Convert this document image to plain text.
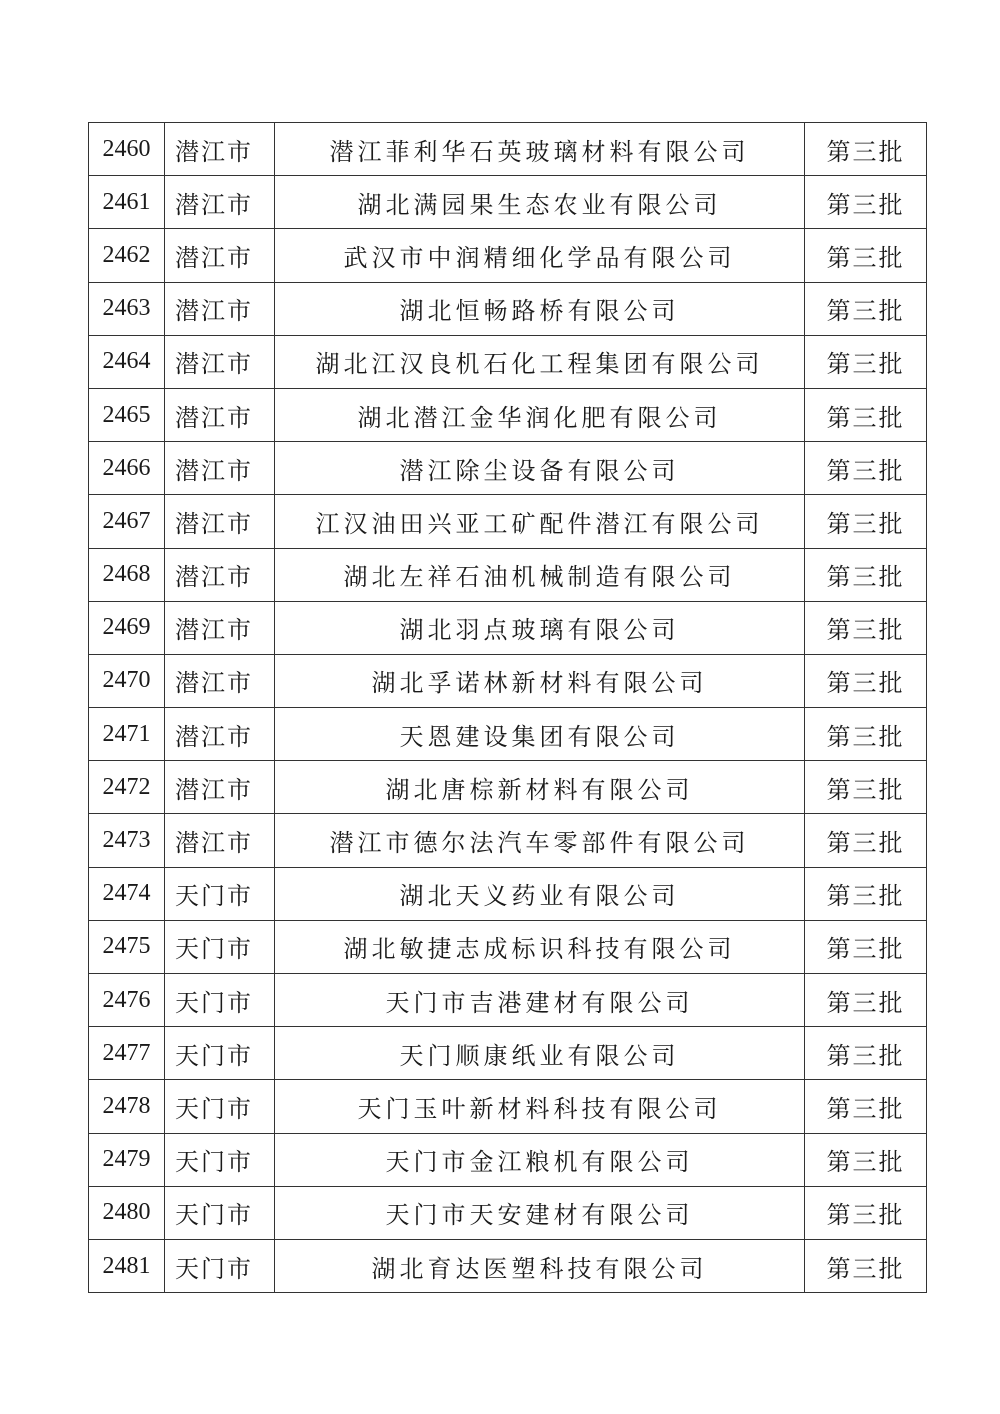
2460	潜江市	潜江菲利华石英玻璃材料有限公司	第三批
2461	潜江市	湖北满园果生态农业有限公司	第三批
2462	潜江市	武汉市中润精细化学品有限公司	第三批
2463	潜江市	湖北恒畅路桥有限公司	第三批
2464	潜江市	湖北江汉良机石化工程集团有限公司	第三批
2465	潜江市	湖北潜江金华润化肥有限公司	第三批
2466	潜江市	潜江除尘设备有限公司	第三批
2467	潜江市	江汉油田兴亚工矿配件潜江有限公司	第三批
2468	潜江市	湖北左祥石油机械制造有限公司	第三批
2469	潜江市	湖北羽点玻璃有限公司	第三批
2470	潜江市	湖北孚诺林新材料有限公司	第三批
2471	潜江市	天恩建设集团有限公司	第三批
2472	潜江市	湖北唐棕新材料有限公司	第三批
2473	潜江市	潜江市德尔法汽车零部件有限公司	第三批
2474	天门市	湖北天义药业有限公司	第三批
2475	天门市	湖北敏捷志成标识科技有限公司	第三批
2476	天门市	天门市吉港建材有限公司	第三批
2477	天门市	天门顺康纸业有限公司	第三批
2478	天门市	天门玉叶新材料科技有限公司	第三批
2479	天门市	天门市金江粮机有限公司	第三批
2480	天门市	天门市天安建材有限公司	第三批
2481	天门市	湖北育达医塑科技有限公司	第三批
